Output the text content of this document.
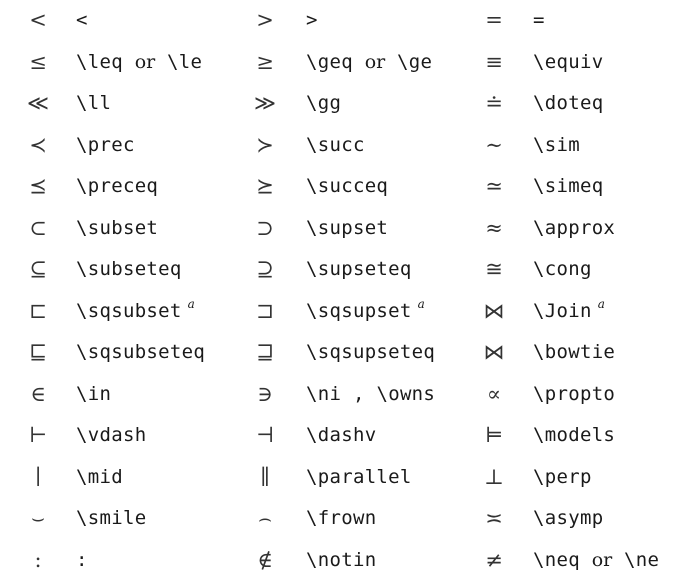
<	<	>	>	=	=
≤	\leq or \le	≥	\geq or \ge	≡	\equiv
≪	\ll	≫	\gg	≐	\doteq
≺	\prec	≻	\succ	∼	\sim
⪯	\preceq	⪰	\succeq	≃	\simeq
⊂	\subset	⊃	\supset	≈	\approx
⊆	\subseteq	⊇	\supseteq	≅	\cong
⊏	\sqsubset $^a$	⊐	\sqsupset $^a$	⋈	\Join $^a$
⊑	\sqsubseteq	⊒	\sqsupseteq	⋈	\bowtie
∈	\in	∋	\ni , \owns	∝	\propto
⊢	\vdash	⊣	\dashv	⊨	\models
∣	\mid	∥	\parallel	⊥	\perp
⌣	\smile	⌢	\frown	≍	\asymp
:	:	∉	\notin	≠	\neq or \ne
